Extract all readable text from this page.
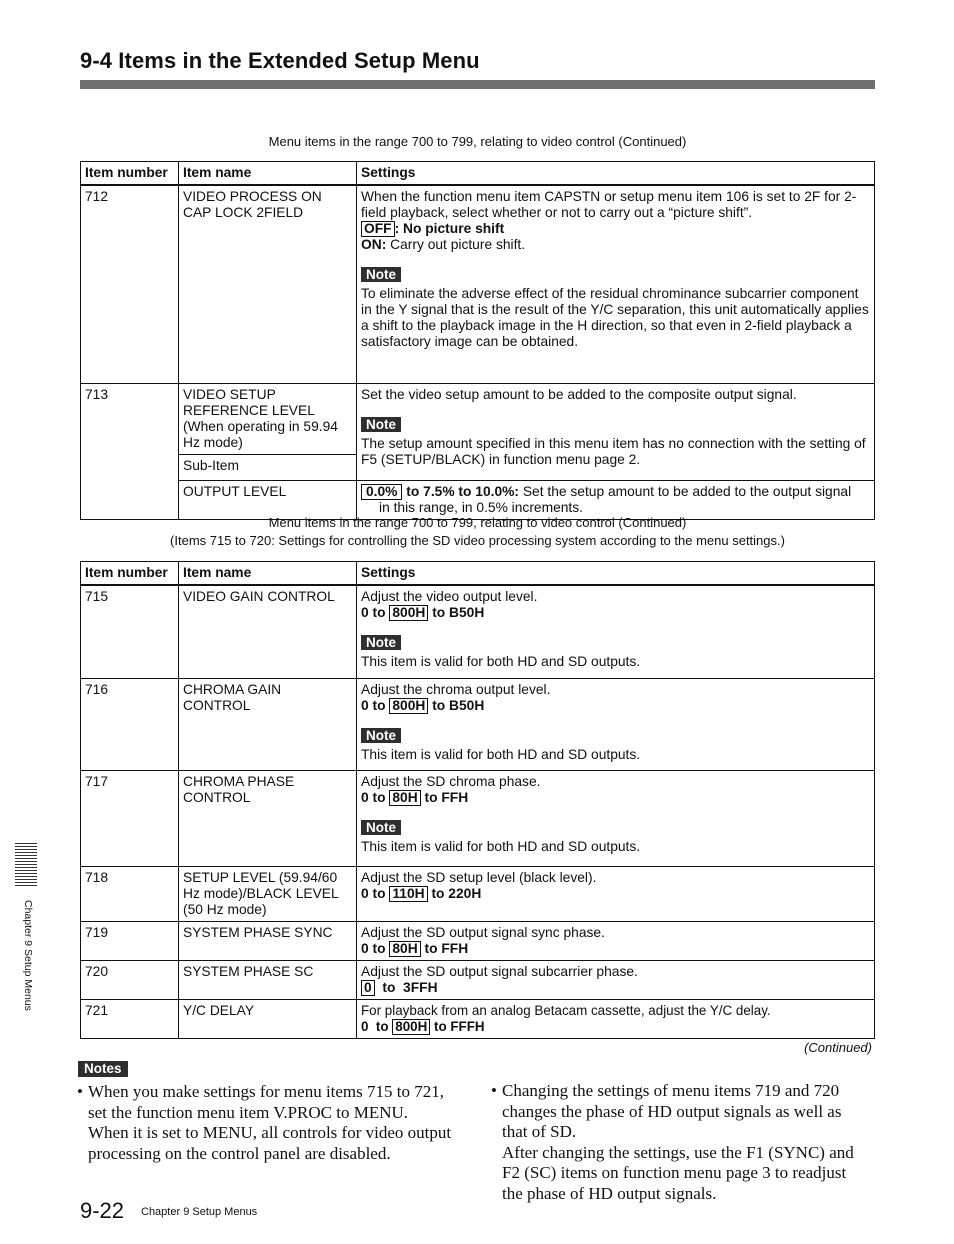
9-4 Items in the Extended Setup Menu
Menu items in the range 700 to 799, relating to video control (Continued)
Item number	Item name	Settings
712	VIDEO PROCESS ON CAP LOCK 2FIELD	When the function menu item CAPSTN or setup menu item 106 is set to 2F for 2-field playback, select whether or not to carry out a “picture shift”.
OFF : No picture shift
ON: Carry out picture shift.
Note
To eliminate the adverse effect of the residual chrominance subcarrier component in the Y signal that is the result of the Y/C separation, this unit automatically applies a shift to the playback image in the H direction, so that even in 2-field playback a satisfactory image can be obtained.

713	VIDEO SETUP REFERENCE LEVEL (When operating in 59.94 Hz mode)	Set the video setup amount to be added to the composite output signal.
Note
The setup amount specified in this menu item has no connection with the setting of F5 (SETUP/BLACK) in function menu page 2.

	Sub-Item	
	OUTPUT LEVEL	0.0% to 7.5% to 10.0%: Set the setup amount to be added to the output signal
in this range, in 0.5% increments.
Menu items in the range 700 to 799, relating to video control (Continued)
(Items 715 to 720: Settings for controlling the SD video processing system according to the menu settings.)
Item number	Item name	Settings
715	VIDEO GAIN CONTROL	Adjust the video output level.
0 to 800H to B50H
Note
This item is valid for both HD and SD outputs.

716	CHROMA GAIN CONTROL	Adjust the chroma output level.
0 to 800H to B50H
Note
This item is valid for both HD and SD outputs.

717	CHROMA PHASE CONTROL	Adjust the SD chroma phase.
0 to 80H to FFH
Note
This item is valid for both HD and SD outputs.

718	SETUP LEVEL (59.94/60 Hz mode)/BLACK LEVEL (50 Hz mode)	Adjust the SD setup level (black level).
0 to 110H to 220H

719	SYSTEM PHASE SYNC	Adjust the SD output signal sync phase.
0 to 80H to FFH

720	SYSTEM PHASE SC	Adjust the SD output signal subcarrier phase.
0  to  3FFH

721	Y/C DELAY	For playback from an analog Betacam cassette, adjust the Y/C delay.
0  to 800H to FFFH
(Continued)
Notes
• When you make settings for menu items 715 to 721,
set the function menu item V.PROC to MENU.
When it is set to MENU, all controls for video output
processing on the control panel are disabled.
• Changing the settings of menu items 719 and 720
changes the phase of HD output signals as well as
that of SD.
After changing the settings, use the F1 (SYNC) and
F2 (SC) items on function menu page 3 to readjust
the phase of HD output signals.
Chapter 9 Setup Menus
9-22 Chapter 9 Setup Menus
